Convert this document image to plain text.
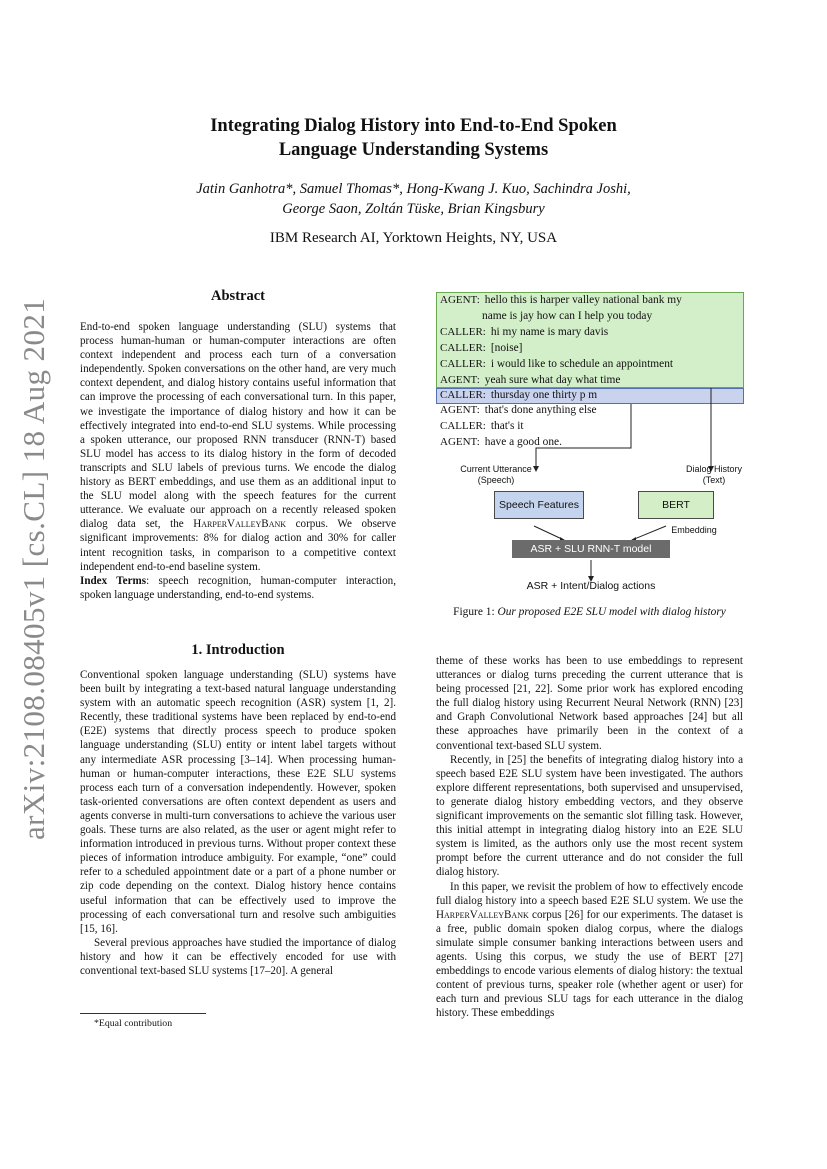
Integrating Dialog History into End-to-End Spoken
Language Understanding Systems
Jatin Ganhotra*, Samuel Thomas*, Hong-Kwang J. Kuo, Sachindra Joshi,
George Saon, Zoltán Tüske, Brian Kingsbury
IBM Research AI, Yorktown Heights, NY, USA
arXiv:2108.08405v1 [cs.CL] 18 Aug 2021
Abstract

End-to-end spoken language understanding (SLU) systems that process human-human or human-computer interactions are often context independent and process each turn of a conversation independently. Spoken conversations on the other hand, are very much context dependent, and dialog history contains useful information that can improve the processing of each conversational turn. In this paper, we investigate the importance of dialog history and how it can be effectively integrated into end-to-end SLU systems. While processing a spoken utterance, our proposed RNN transducer (RNN-T) based SLU model has access to its dialog history in the form of decoded transcripts and SLU labels of previous turns. We encode the dialog history as BERT embeddings, and use them as an additional input to the SLU model along with the speech features for the current utterance. We evaluate our approach on a recently released spoken dialog data set, the HarperValleyBank corpus. We observe significant improvements: 8% for dialog action and 30% for caller intent recognition tasks, in comparison to a competitive context independent end-to-end baseline system.

Index Terms: speech recognition, human-computer interaction, spoken language understanding, end-to-end systems.

1. Introduction

Conventional spoken language understanding (SLU) systems have been built by integrating a text-based natural language understanding system with an automatic speech recognition (ASR) system [1, 2]. Recently, these traditional systems have been replaced by end-to-end (E2E) systems that directly process speech to produce spoken language understanding (SLU) entity or intent label targets without any intermediate ASR processing [3–14]. When processing human-human or human-computer interactions, these E2E SLU systems process each turn of a conversation independently. However, spoken task-oriented conversations are often context dependent as users and agents converse in multi-turn conversations to achieve the various user goals. These turns are also related, as the user or agent might refer to information introduced in previous turns. Without proper context these pieces of information introduce ambiguity. For example, “one” could refer to a scheduled appointment date or a part of a phone number or zip code depending on the context. Dialog history hence contains useful information that can be effectively used to improve the processing of each conversational turn and resolve such ambiguities [15, 16].

Several previous approaches have studied the importance of dialog history and how it can be effectively encoded for use with conventional text-based SLU systems [17–20]. A general

*Equal contribution
AGENT: hello this is harper valley national bank my
name is jay how can I help you today
CALLER: hi my name is mary davis
CALLER: [noise]
CALLER: i would like to schedule an appointment
AGENT: yeah sure what day what time
CALLER: thursday one thirty p m
AGENT: that's done anything else
CALLER: that's it
AGENT: have a good one.
Current Utterance
(Speech)
Dialog History
(Text)
Speech Features	BERT
Embedding
ASR + SLU RNN-T model
ASR + Intent/Dialog actions
Figure 1: Our proposed E2E SLU model with dialog history

theme of these works has been to use embeddings to represent utterances or dialog turns preceding the current utterance that is being processed [21, 22]. Some prior work has explored encoding the full dialog history using Recurrent Neural Network (RNN) [23] and Graph Convolutional Network based approaches [24] but all these approaches have primarily been in the context of a conventional text-based SLU system.

Recently, in [25] the benefits of integrating dialog history into a speech based E2E SLU system have been investigated. The authors explore different representations, both supervised and unsupervised, to generate dialog history embedding vectors, and they observe significant improvements on the semantic slot filling task. However, this initial attempt in integrating dialog history into an E2E SLU system is limited, as the authors only use the most recent system prompt before the current utterance and do not consider the full dialog history.

In this paper, we revisit the problem of how to effectively encode full dialog history into a speech based E2E SLU system. We use the HarperValleyBank corpus [26] for our experiments. The dataset is a free, public domain spoken dialog corpus, where the dialogs simulate simple consumer banking interactions between users and agents. Using this corpus, we study the use of BERT [27] embeddings to encode various elements of dialog history: the textual content of previous turns, speaker role (whether agent or user) for each turn and previous SLU tags for each utterance in the dialog history. These embeddings
